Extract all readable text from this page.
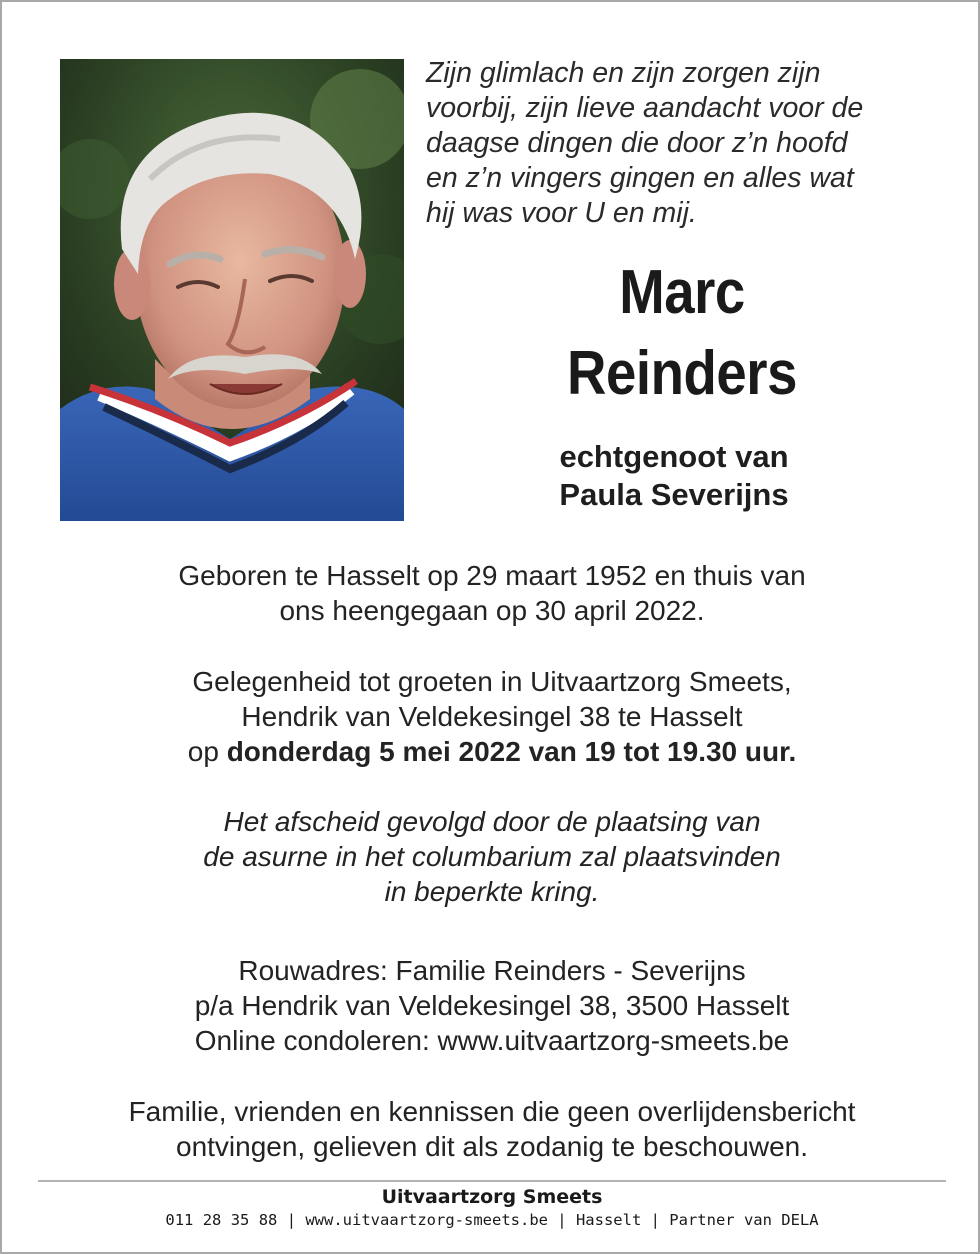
Zijn glimlach en zijn zorgen zijn
voorbij, zijn lieve aandacht voor de
daagse dingen die door z’n hoofd
en z’n vingers gingen en alles wat
hij was voor U en mij.
Marc
Reinders
echtgenoot van
Paula Severijns
Geboren te Hasselt op 29 maart 1952 en thuis van
ons heengegaan op 30 april 2022.
Gelegenheid tot groeten in Uitvaartzorg Smeets,
Hendrik van Veldekesingel 38 te Hasselt
op donderdag 5 mei 2022 van 19 tot 19.30 uur.
Het afscheid gevolgd door de plaatsing van
de asurne in het columbarium zal plaatsvinden
in beperkte kring.
Rouwadres: Familie Reinders - Severijns
p/a Hendrik van Veldekesingel 38, 3500 Hasselt
Online condoleren: www.uitvaartzorg-smeets.be
Familie, vrienden en kennissen die geen overlijdensbericht
ontvingen, gelieven dit als zodanig te beschouwen.
Uitvaartzorg Smeets
011 28 35 88 | www.uitvaartzorg-smeets.be | Hasselt | Partner van DELA
